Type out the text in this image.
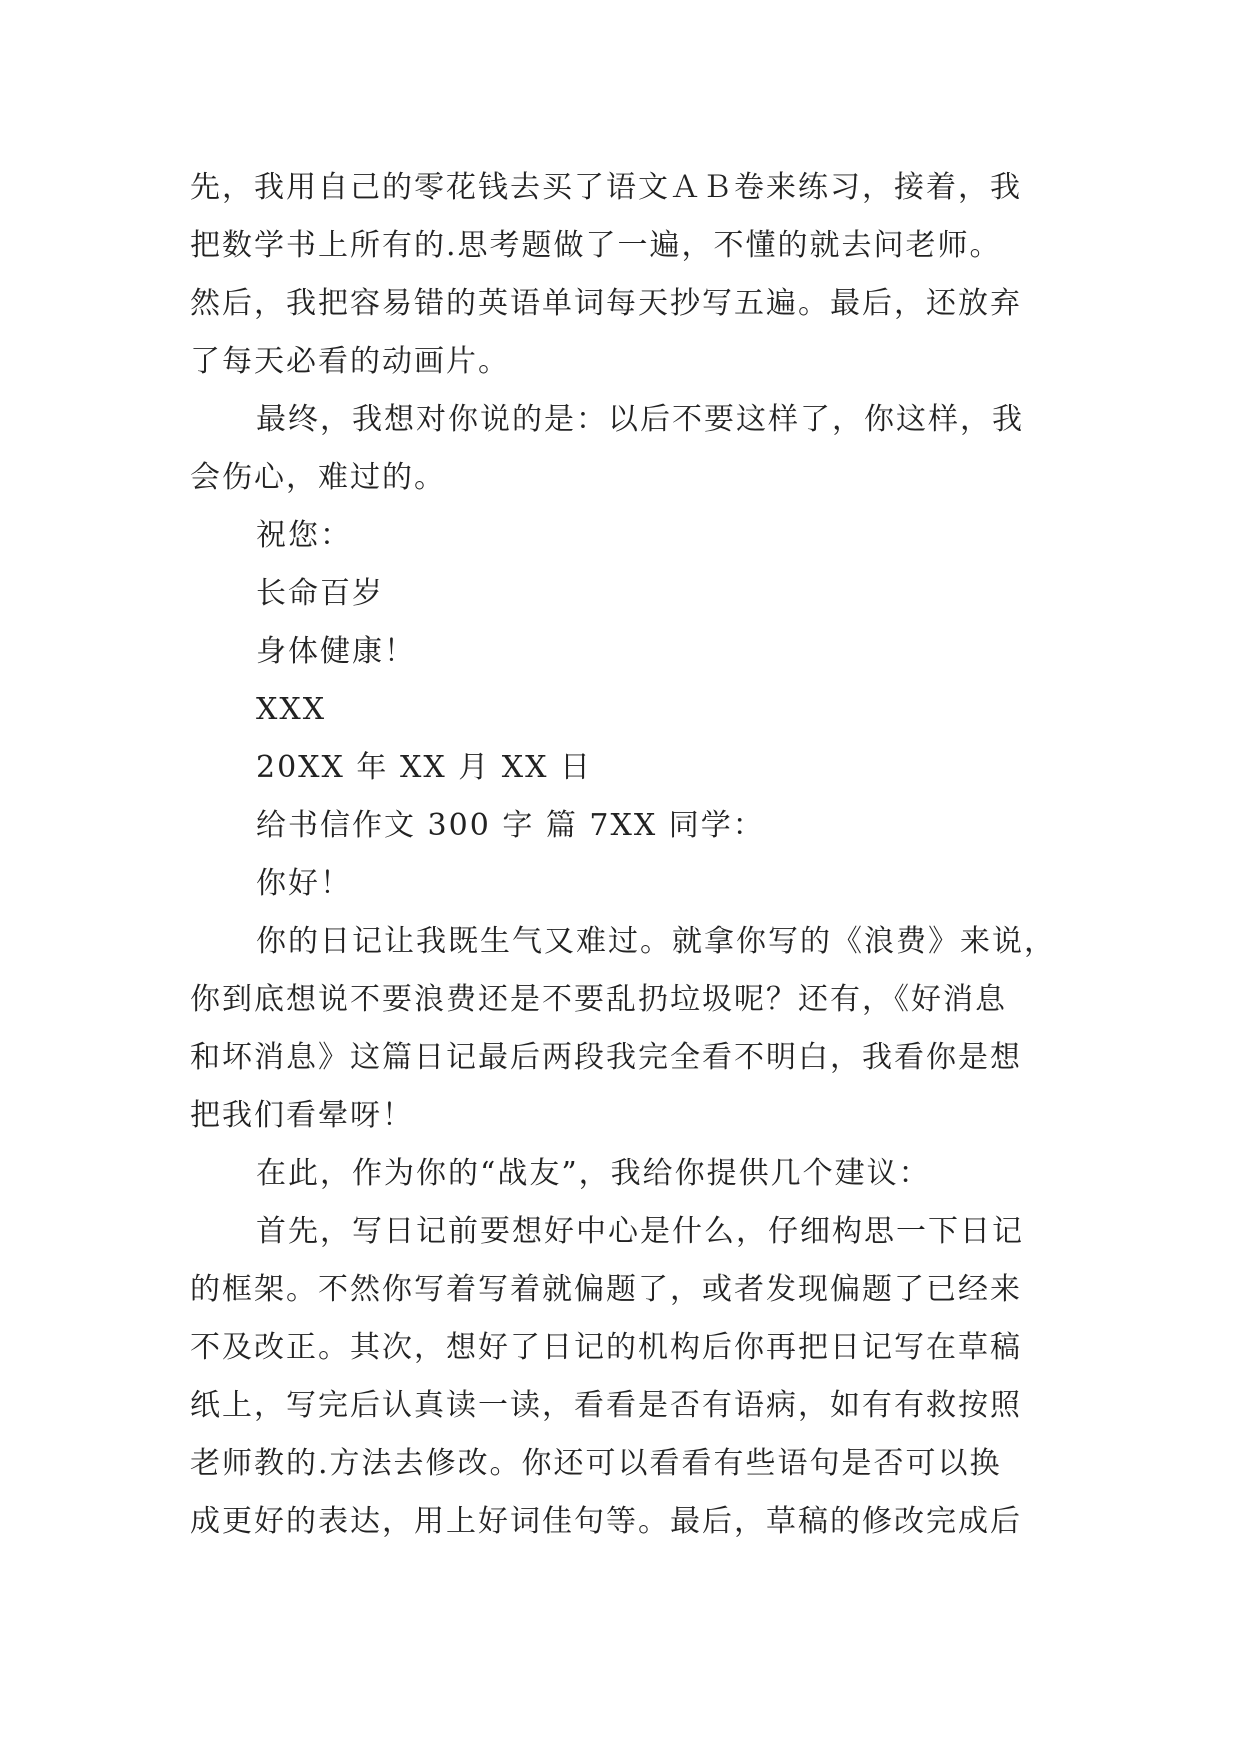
先，我用自己的零花钱去买了语文ＡＢ卷来练习，接着，我
把数学书上所有的.思考题做了一遍，不懂的就去问老师。
然后，我把容易错的英语单词每天抄写五遍。最后，还放弃
了每天必看的动画片。
最终，我想对你说的是：以后不要这样了，你这样，我
会伤心，难过的。
祝您：
长命百岁
身体健康！
XXX
20XX 年 XX 月 XX 日
给书信作文 300 字 篇 7XX 同学：
你好！
你的日记让我既生气又难过。就拿你写的《浪费》来说，
你到底想说不要浪费还是不要乱扔垃圾呢？还有，《好消息
和坏消息》这篇日记最后两段我完全看不明白，我看你是想
把我们看晕呀！
在此，作为你的“战友”，我给你提供几个建议：
首先，写日记前要想好中心是什么，仔细构思一下日记
的框架。不然你写着写着就偏题了，或者发现偏题了已经来
不及改正。其次，想好了日记的机构后你再把日记写在草稿
纸上，写完后认真读一读，看看是否有语病，如有有救按照
老师教的.方法去修改。你还可以看看有些语句是否可以换
成更好的表达，用上好词佳句等。最后，草稿的修改完成后
